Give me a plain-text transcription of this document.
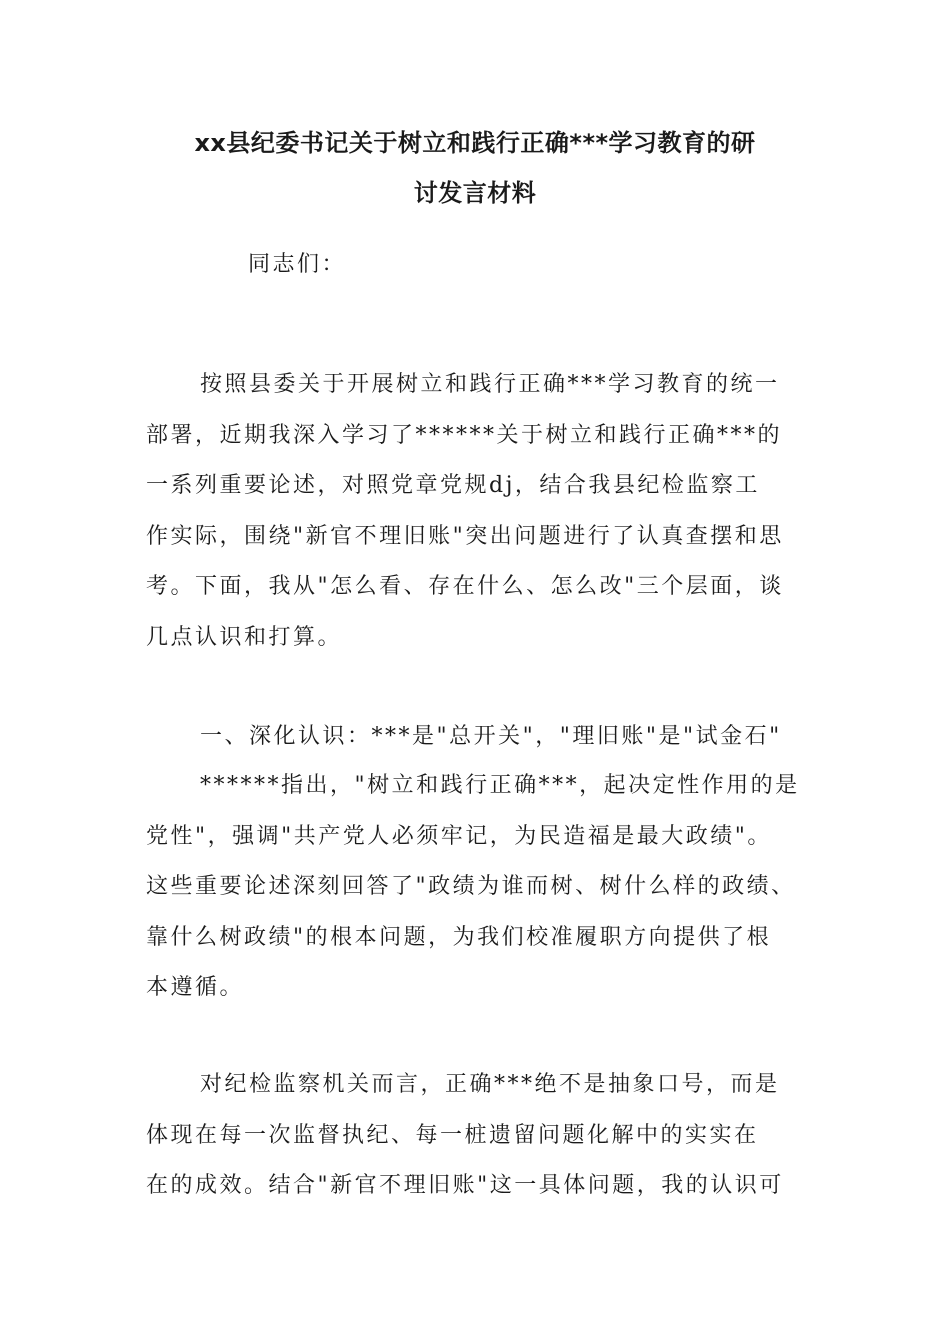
xx县纪委书记关于树立和践行正确***学习教育的研
讨发言材料
同志们：
按照县委关于开展树立和践行正确***学习教育的统一
部署，近期我深入学习了******关于树立和践行正确***的
一系列重要论述，对照党章党规dj，结合我县纪检监察工
作实际，围绕"新官不理旧账"突出问题进行了认真查摆和思
考。下面，我从"怎么看、存在什么、怎么改"三个层面，谈
几点认识和打算。
一、深化认识：***是"总开关"，"理旧账"是"试金石"
******指出，"树立和践行正确***，起决定性作用的是
党性"，强调"共产党人必须牢记，为民造福是最大政绩"。
这些重要论述深刻回答了"政绩为谁而树、树什么样的政绩、
靠什么树政绩"的根本问题，为我们校准履职方向提供了根
本遵循。
对纪检监察机关而言，正确***绝不是抽象口号，而是
体现在每一次监督执纪、每一桩遗留问题化解中的实实在
在的成效。结合"新官不理旧账"这一具体问题，我的认识可
